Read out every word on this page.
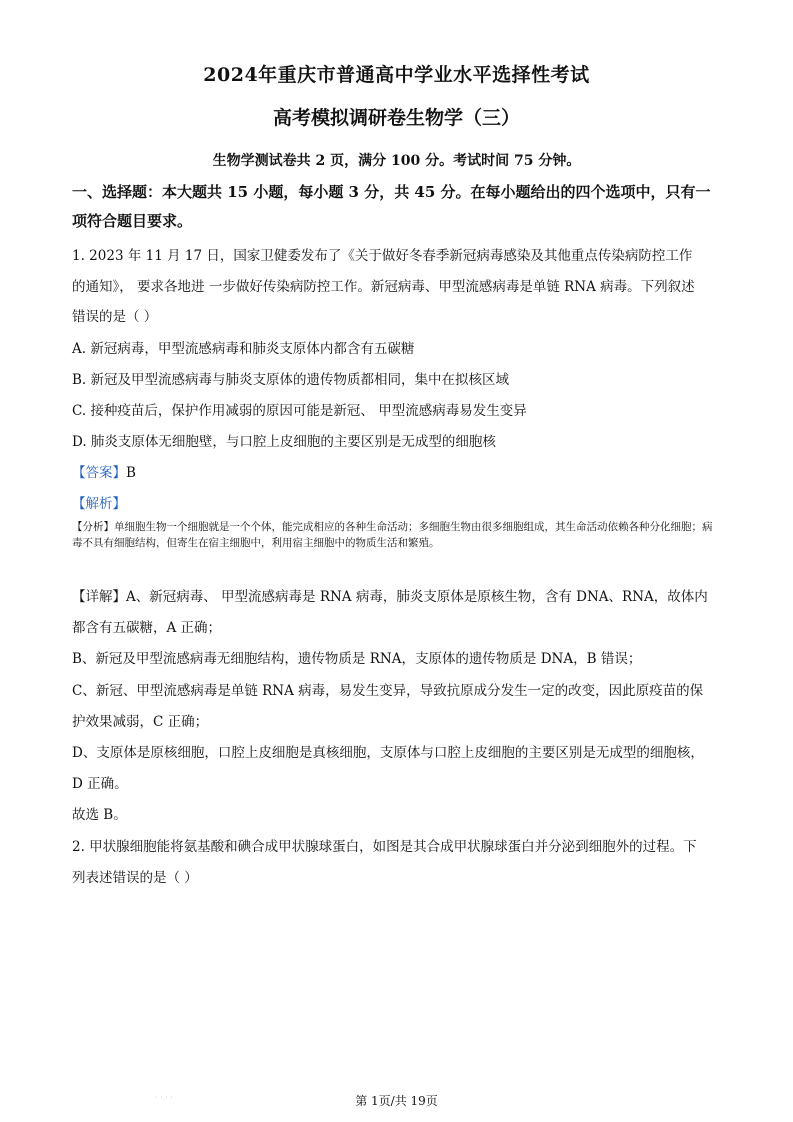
2024年重庆市普通高中学业水平选择性考试
高考模拟调研卷生物学（三）
生物学测试卷共 2 页，满分 100 分。考试时间 75 分钟。
一、选择题：本大题共 15 小题，每小题 3 分，共 45 分。在每小题给出的四个选项中，只有一项符合题目要求。
1. 2023 年 11 月 17 日，国家卫健委发布了《关于做好冬春季新冠病毒感染及其他重点传染病防控工作
的通知》， 要求各地进 一步做好传染病防控工作。新冠病毒、甲型流感病毒是单链 RNA 病毒。下列叙述
错误的是（ ）
A. 新冠病毒，甲型流感病毒和肺炎支原体内都含有五碳糖
B. 新冠及甲型流感病毒与肺炎支原体的遗传物质都相同，集中在拟核区域
C. 接种疫苗后，保护作用减弱的原因可能是新冠、 甲型流感病毒易发生变异
D. 肺炎支原体无细胞壁，与口腔上皮细胞的主要区别是无成型的细胞核
【答案】B
【解析】
【分析】单细胞生物一个细胞就是一个个体，能完成相应的各种生命活动；多细胞生物由很多细胞组成，其生命活动依赖各种分化细胞；病毒不具有细胞结构，但寄生在宿主细胞中，利用宿主细胞中的物质生活和繁殖。
【详解】A、新冠病毒、 甲型流感病毒是 RNA 病毒，肺炎支原体是原核生物，含有 DNA、RNA，故体内
都含有五碳糖，A 正确；
B、新冠及甲型流感病毒无细胞结构，遗传物质是 RNA，支原体的遗传物质是 DNA，B 错误；
C、新冠、甲型流感病毒是单链 RNA 病毒，易发生变异，导致抗原成分发生一定的改变，因此原疫苗的保
护效果减弱，C 正确；
D、支原体是原核细胞，口腔上皮细胞是真核细胞，支原体与口腔上皮细胞的主要区别是无成型的细胞核，
D 正确。
故选 B。
2. 甲状腺细胞能将氨基酸和碘合成甲状腺球蛋白，如图是其合成甲状腺球蛋白并分泌到细胞外的过程。下
列表述错误的是（ ）
· · · ·	第 1页/共 19页
